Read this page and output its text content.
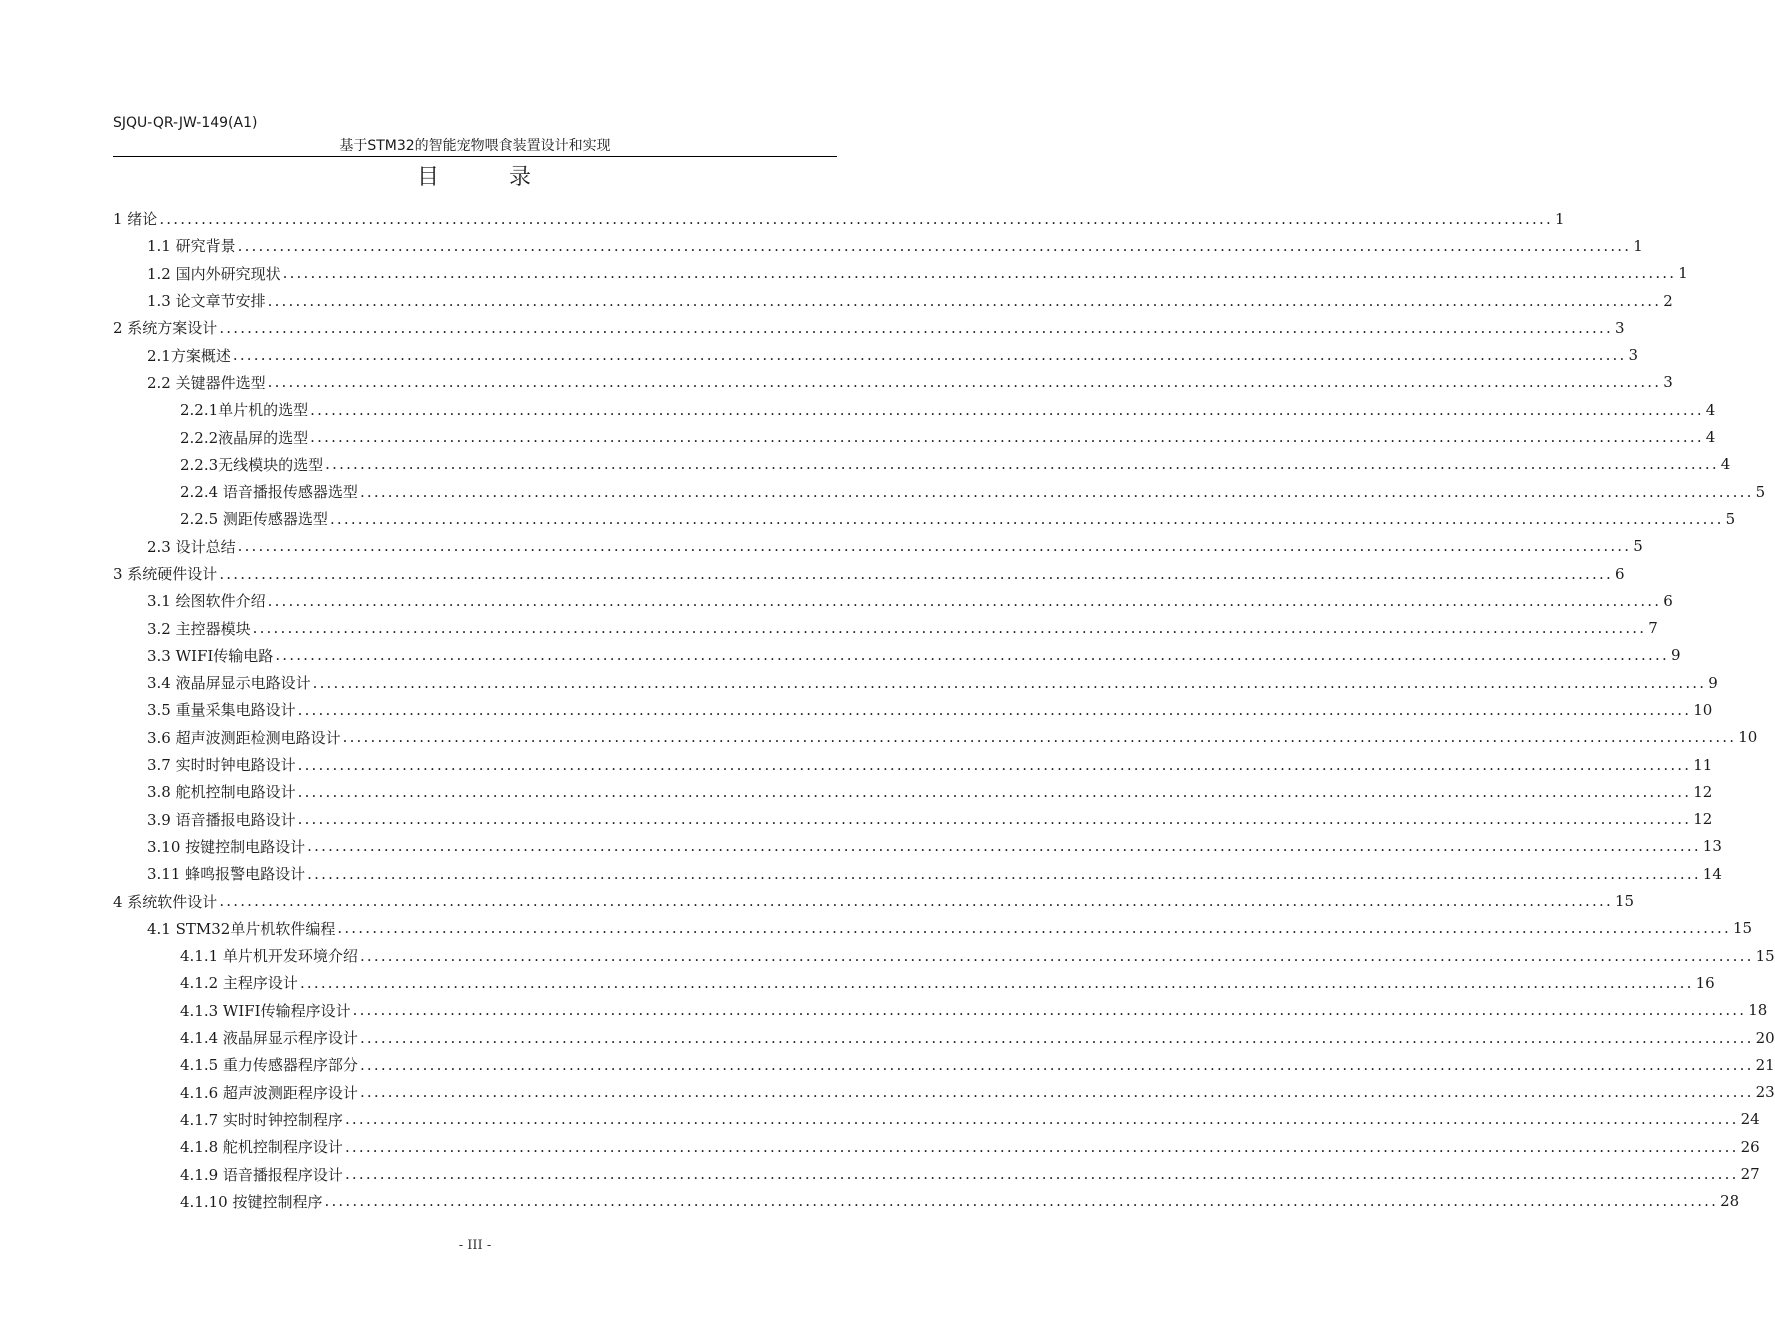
SJQU-QR-JW-149(A1)
基于STM32的智能宠物喂食装置设计和实现
目	录
1 绪论 ........................................................................................................................................................................................................ 1
1.1 研究背景 ........................................................................................................................................................................................................ 1
1.2 国内外研究现状 ........................................................................................................................................................................................................ 1
1.3 论文章节安排 ........................................................................................................................................................................................................ 2
2 系统方案设计 ........................................................................................................................................................................................................ 3
2.1方案概述 ........................................................................................................................................................................................................ 3
2.2 关键器件选型 ........................................................................................................................................................................................................ 3
2.2.1单片机的选型 ........................................................................................................................................................................................................ 4
2.2.2液晶屏的选型 ........................................................................................................................................................................................................ 4
2.2.3无线模块的选型 ........................................................................................................................................................................................................ 4
2.2.4 语音播报传感器选型 ........................................................................................................................................................................................................ 5
2.2.5 测距传感器选型 ........................................................................................................................................................................................................ 5
2.3 设计总结 ........................................................................................................................................................................................................ 5
3 系统硬件设计 ........................................................................................................................................................................................................ 6
3.1 绘图软件介绍 ........................................................................................................................................................................................................ 6
3.2 主控器模块 ........................................................................................................................................................................................................ 7
3.3 WIFI传输电路 ........................................................................................................................................................................................................ 9
3.4 液晶屏显示电路设计 ........................................................................................................................................................................................................ 9
3.5 重量采集电路设计 ........................................................................................................................................................................................................ 10
3.6 超声波测距检测电路设计 ........................................................................................................................................................................................................ 10
3.7 实时时钟电路设计 ........................................................................................................................................................................................................ 11
3.8 舵机控制电路设计 ........................................................................................................................................................................................................ 12
3.9 语音播报电路设计 ........................................................................................................................................................................................................ 12
3.10 按键控制电路设计 ........................................................................................................................................................................................................ 13
3.11 蜂鸣报警电路设计 ........................................................................................................................................................................................................ 14
4 系统软件设计 ........................................................................................................................................................................................................ 15
4.1 STM32单片机软件编程 ........................................................................................................................................................................................................ 15
4.1.1 单片机开发环境介绍 ........................................................................................................................................................................................................ 15
4.1.2 主程序设计 ........................................................................................................................................................................................................ 16
4.1.3 WIFI传输程序设计 ........................................................................................................................................................................................................ 18
4.1.4 液晶屏显示程序设计 ........................................................................................................................................................................................................ 20
4.1.5 重力传感器程序部分 ........................................................................................................................................................................................................ 21
4.1.6 超声波测距程序设计 ........................................................................................................................................................................................................ 23
4.1.7 实时时钟控制程序 ........................................................................................................................................................................................................ 24
4.1.8 舵机控制程序设计 ........................................................................................................................................................................................................ 26
4.1.9 语音播报程序设计 ........................................................................................................................................................................................................ 27
4.1.10 按键控制程序 ........................................................................................................................................................................................................ 28
- III -
